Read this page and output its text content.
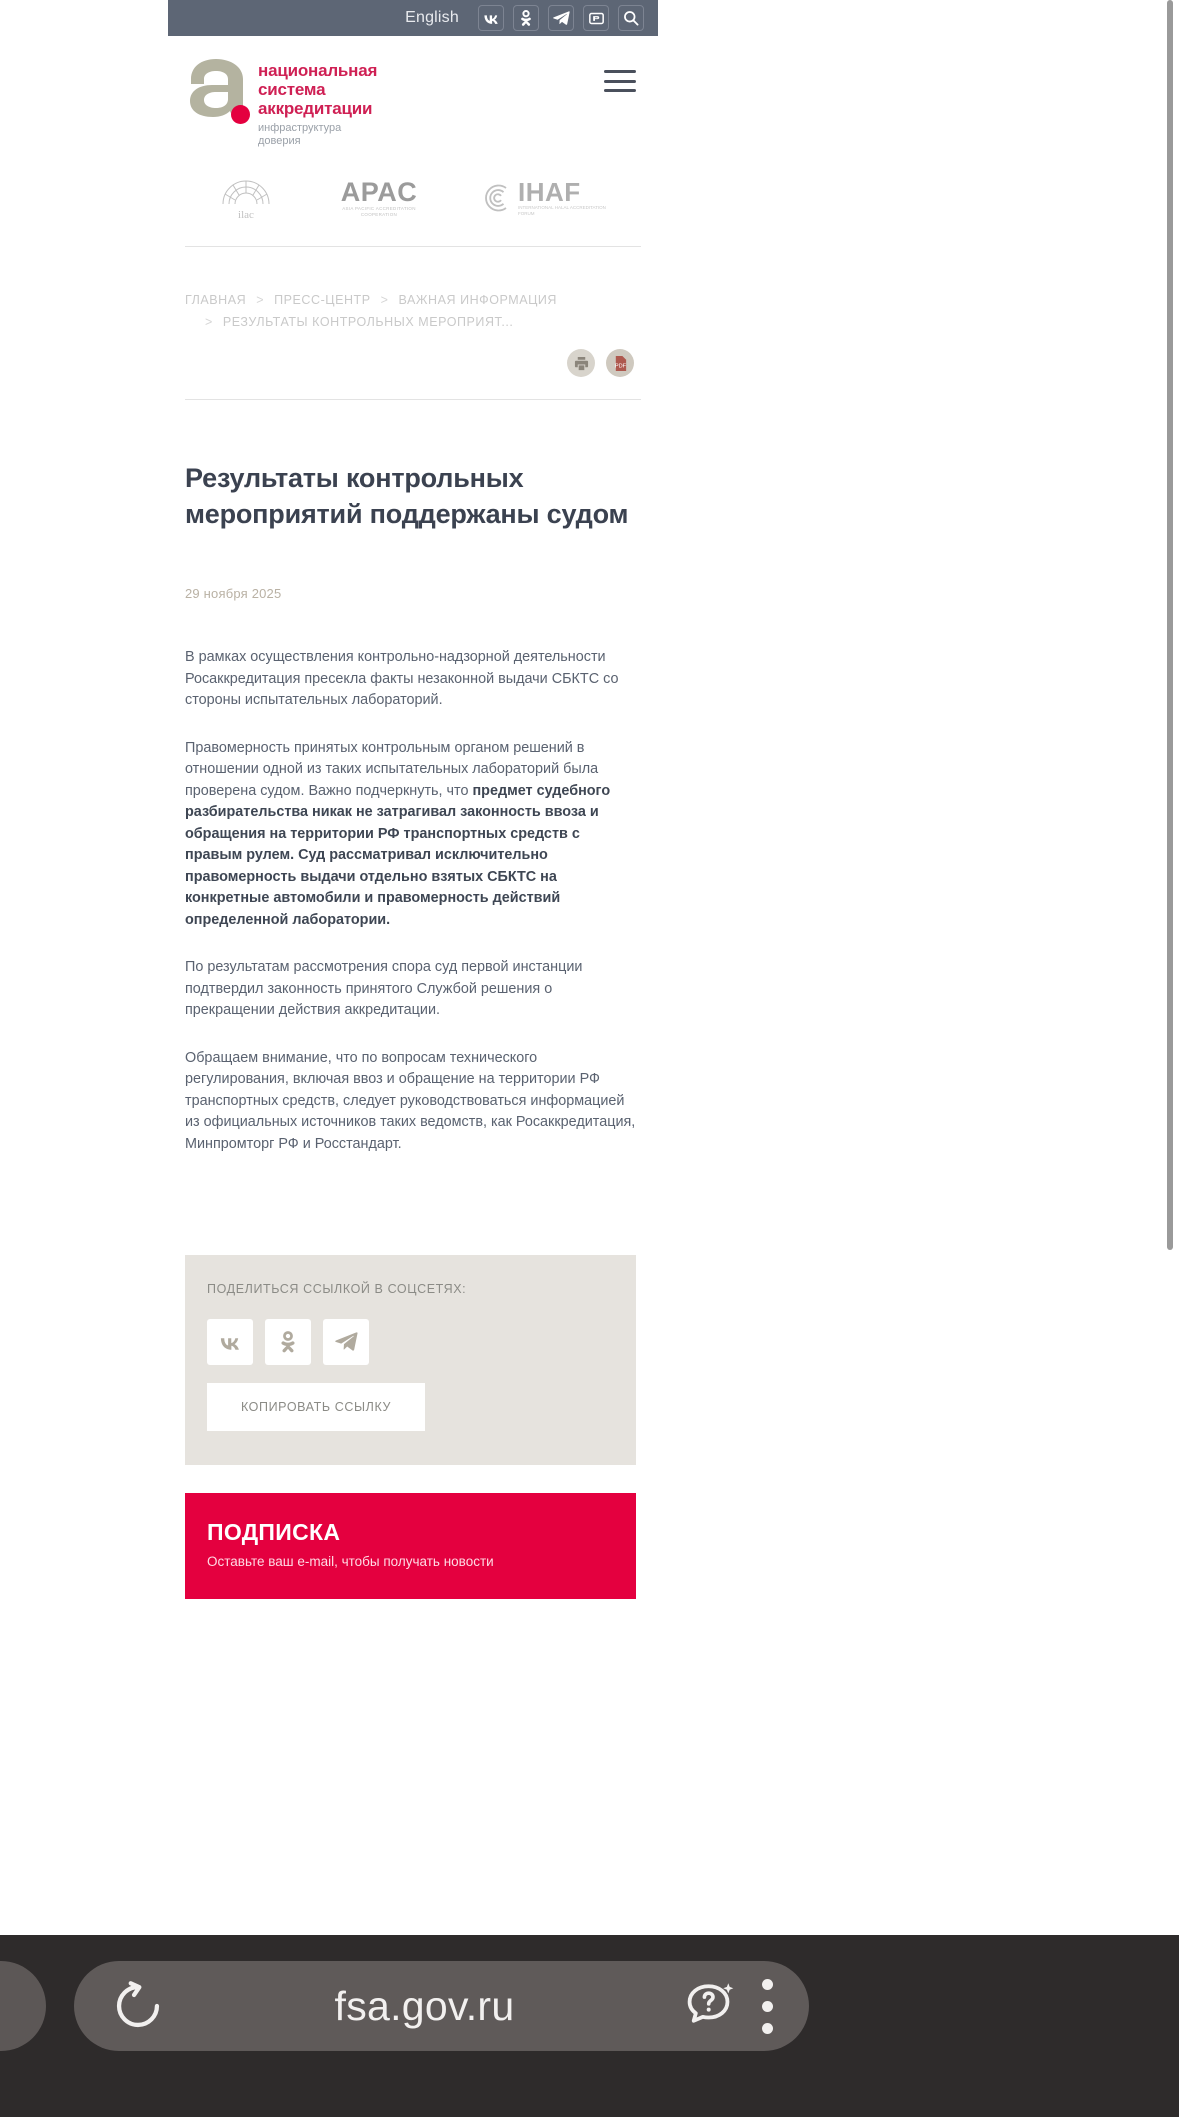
English
национальная
система
аккредитации
инфраструктура
доверия
ilac
APAC
ASIA PACIFIC ACCREDITATION COOPERATION
IHAF
INTERNATIONAL HALAL ACCREDITATION FORUM
ГЛАВНАЯ > ПРЕСС-ЦЕНТР > ВАЖНАЯ ИНФОРМАЦИЯ
> РЕЗУЛЬТАТЫ КОНТРОЛЬНЫХ МЕРОПРИЯТ...
PDF
Результаты контрольных мероприятий поддержаны судом
29 ноября 2025

В рамках осуществления контрольно-надзорной деятельности Росаккредитация пресекла факты незаконной выдачи СБКТС со стороны испытательных лабораторий.

Правомерность принятых контрольным органом решений в отношении одной из таких испытательных лабораторий была проверена судом. Важно подчеркнуть, что предмет судебного разбирательства никак не затрагивал законность ввоза и обращения на территории РФ транспортных средств с правым рулем. Суд рассматривал исключительно правомерность выдачи отдельно взятых СБКТС на конкретные автомобили и правомерность действий определенной лаборатории.

По результатам рассмотрения спора суд первой инстанции подтвердил законность принятого Службой решения о прекращении действия аккредитации.

Обращаем внимание, что по вопросам технического регулирования, включая ввоз и обращение на территории РФ транспортных средств, следует руководствоваться информацией из официальных источников таких ведомств, как Росаккредитация, Минпромторг РФ и Росстандарт.

ПОДЕЛИТЬСЯ ССЫЛКОЙ В СОЦСЕТЯХ:
КОПИРОВАТЬ ССЫЛКУ
ПОДПИСКА
Оставьте ваш e-mail, чтобы получать новости
fsa.gov.ru
